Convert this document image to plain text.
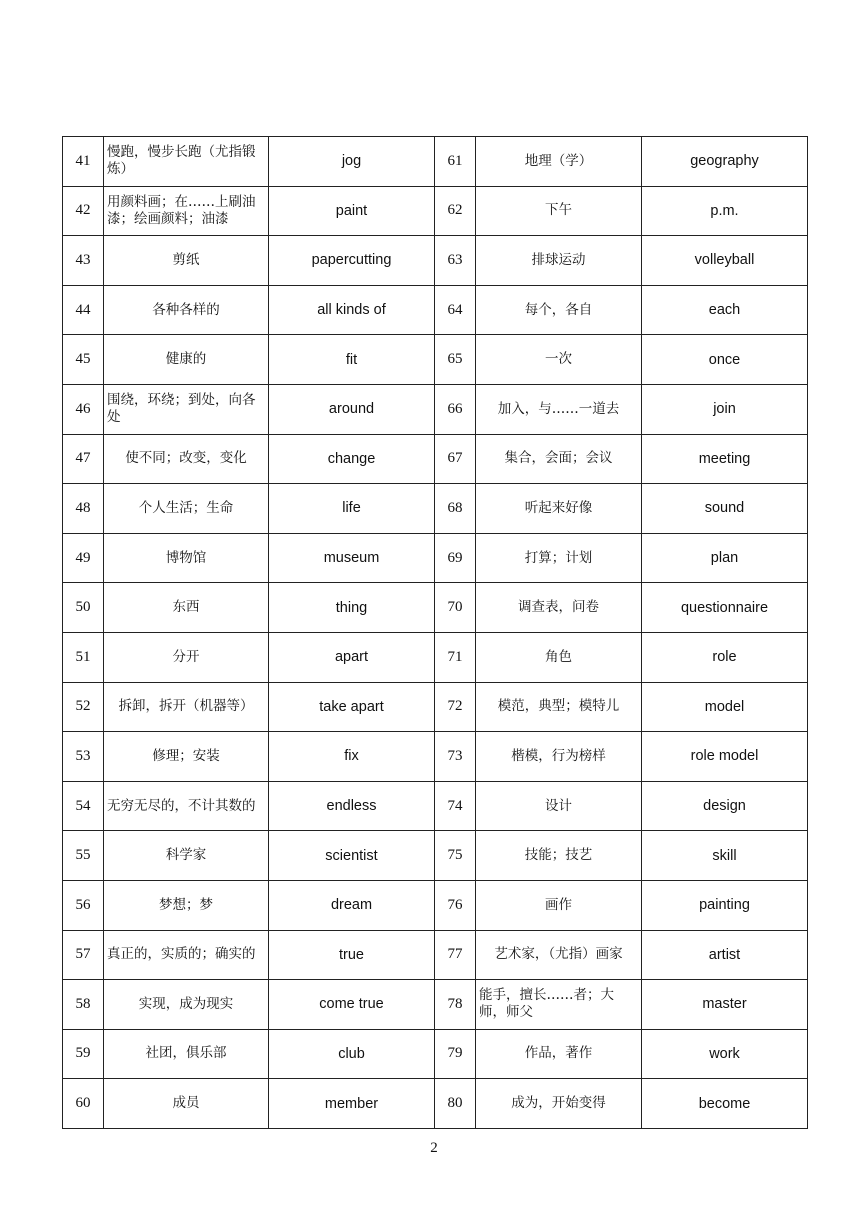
41	慢跑，慢步长跑（尤指锻炼）	jog	61	地理（学）	geography
42	用颜料画；在……上刷油漆；绘画颜料；油漆	paint	62	下午	p.m.
43	剪纸	papercutting	63	排球运动	volleyball
44	各种各样的	all kinds of	64	每个，各自	each
45	健康的	fit	65	一次	once
46	围绕，环绕；到处，向各处	around	66	加入，与……一道去	join
47	使不同；改变，变化	change	67	集合，会面；会议	meeting
48	个人生活；生命	life	68	听起来好像	sound
49	博物馆	museum	69	打算；计划	plan
50	东西	thing	70	调查表，问卷	questionnaire
51	分开	apart	71	角色	role
52	拆卸，拆开（机器等）	take apart	72	模范，典型；模特儿	model
53	修理；安装	fix	73	楷模，行为榜样	role model
54	无穷无尽的，不计其数的	endless	74	设计	design
55	科学家	scientist	75	技能；技艺	skill
56	梦想；梦	dream	76	画作	painting
57	真正的，实质的；确实的	true	77	艺术家，（尤指）画家	artist
58	实现，成为现实	come true	78	能手，擅长……者；大师，师父	master
59	社团，俱乐部	club	79	作品，著作	work
60	成员	member	80	成为，开始变得	become
2
